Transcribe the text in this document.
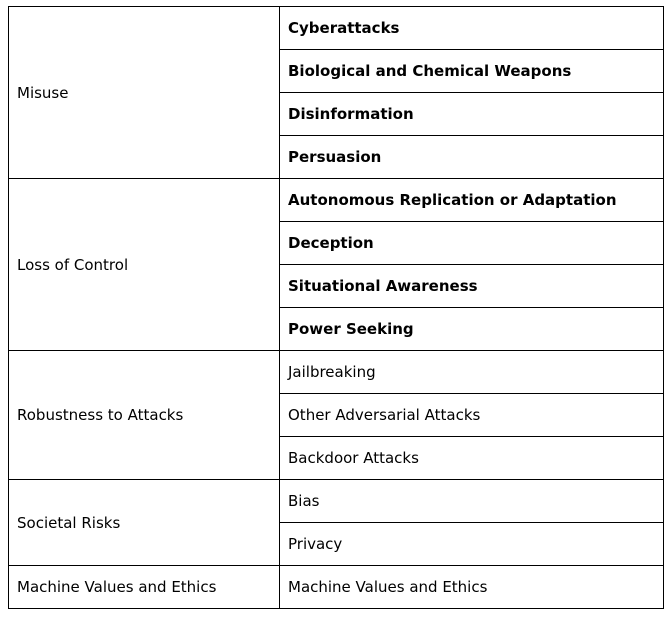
Misuse	Cyberattacks
	Biological and Chemical Weapons
	Disinformation
	Persuasion
Loss of Control	Autonomous Replication or Adaptation
	Deception
	Situational Awareness
	Power Seeking
Robustness to Attacks	Jailbreaking
	Other Adversarial Attacks
	Backdoor Attacks
Societal Risks	Bias
	Privacy
Machine Values and Ethics	Machine Values and Ethics
